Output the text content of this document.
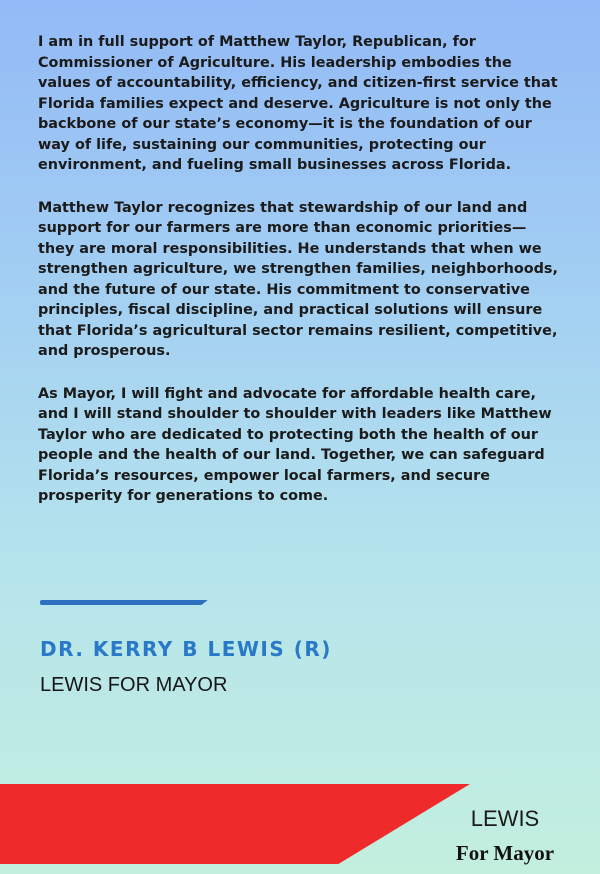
I am in full support of Matthew Taylor, Republican, for Commissioner of Agriculture. His leadership embodies the values of accountability, efficiency, and citizen-first service that Florida families expect and deserve. Agriculture is not only the backbone of our state’s economy—it is the foundation of our way of life, sustaining our communities, protecting our environment, and fueling small businesses across Florida.

Matthew Taylor recognizes that stewardship of our land and support for our farmers are more than economic priorities—they are moral responsibilities. He understands that when we strengthen agriculture, we strengthen families, neighborhoods, and the future of our state. His commitment to conservative principles, fiscal discipline, and practical solutions will ensure that Florida’s agricultural sector remains resilient, competitive, and prosperous.

As Mayor, I will fight and advocate for affordable health care, and I will stand shoulder to shoulder with leaders like Matthew Taylor who are dedicated to protecting both the health of our people and the health of our land. Together, we can safeguard Florida’s resources, empower local farmers, and secure prosperity for generations to come.

DR. KERRY B LEWIS (R)
LEWIS FOR MAYOR
LEWIS
For Mayor
